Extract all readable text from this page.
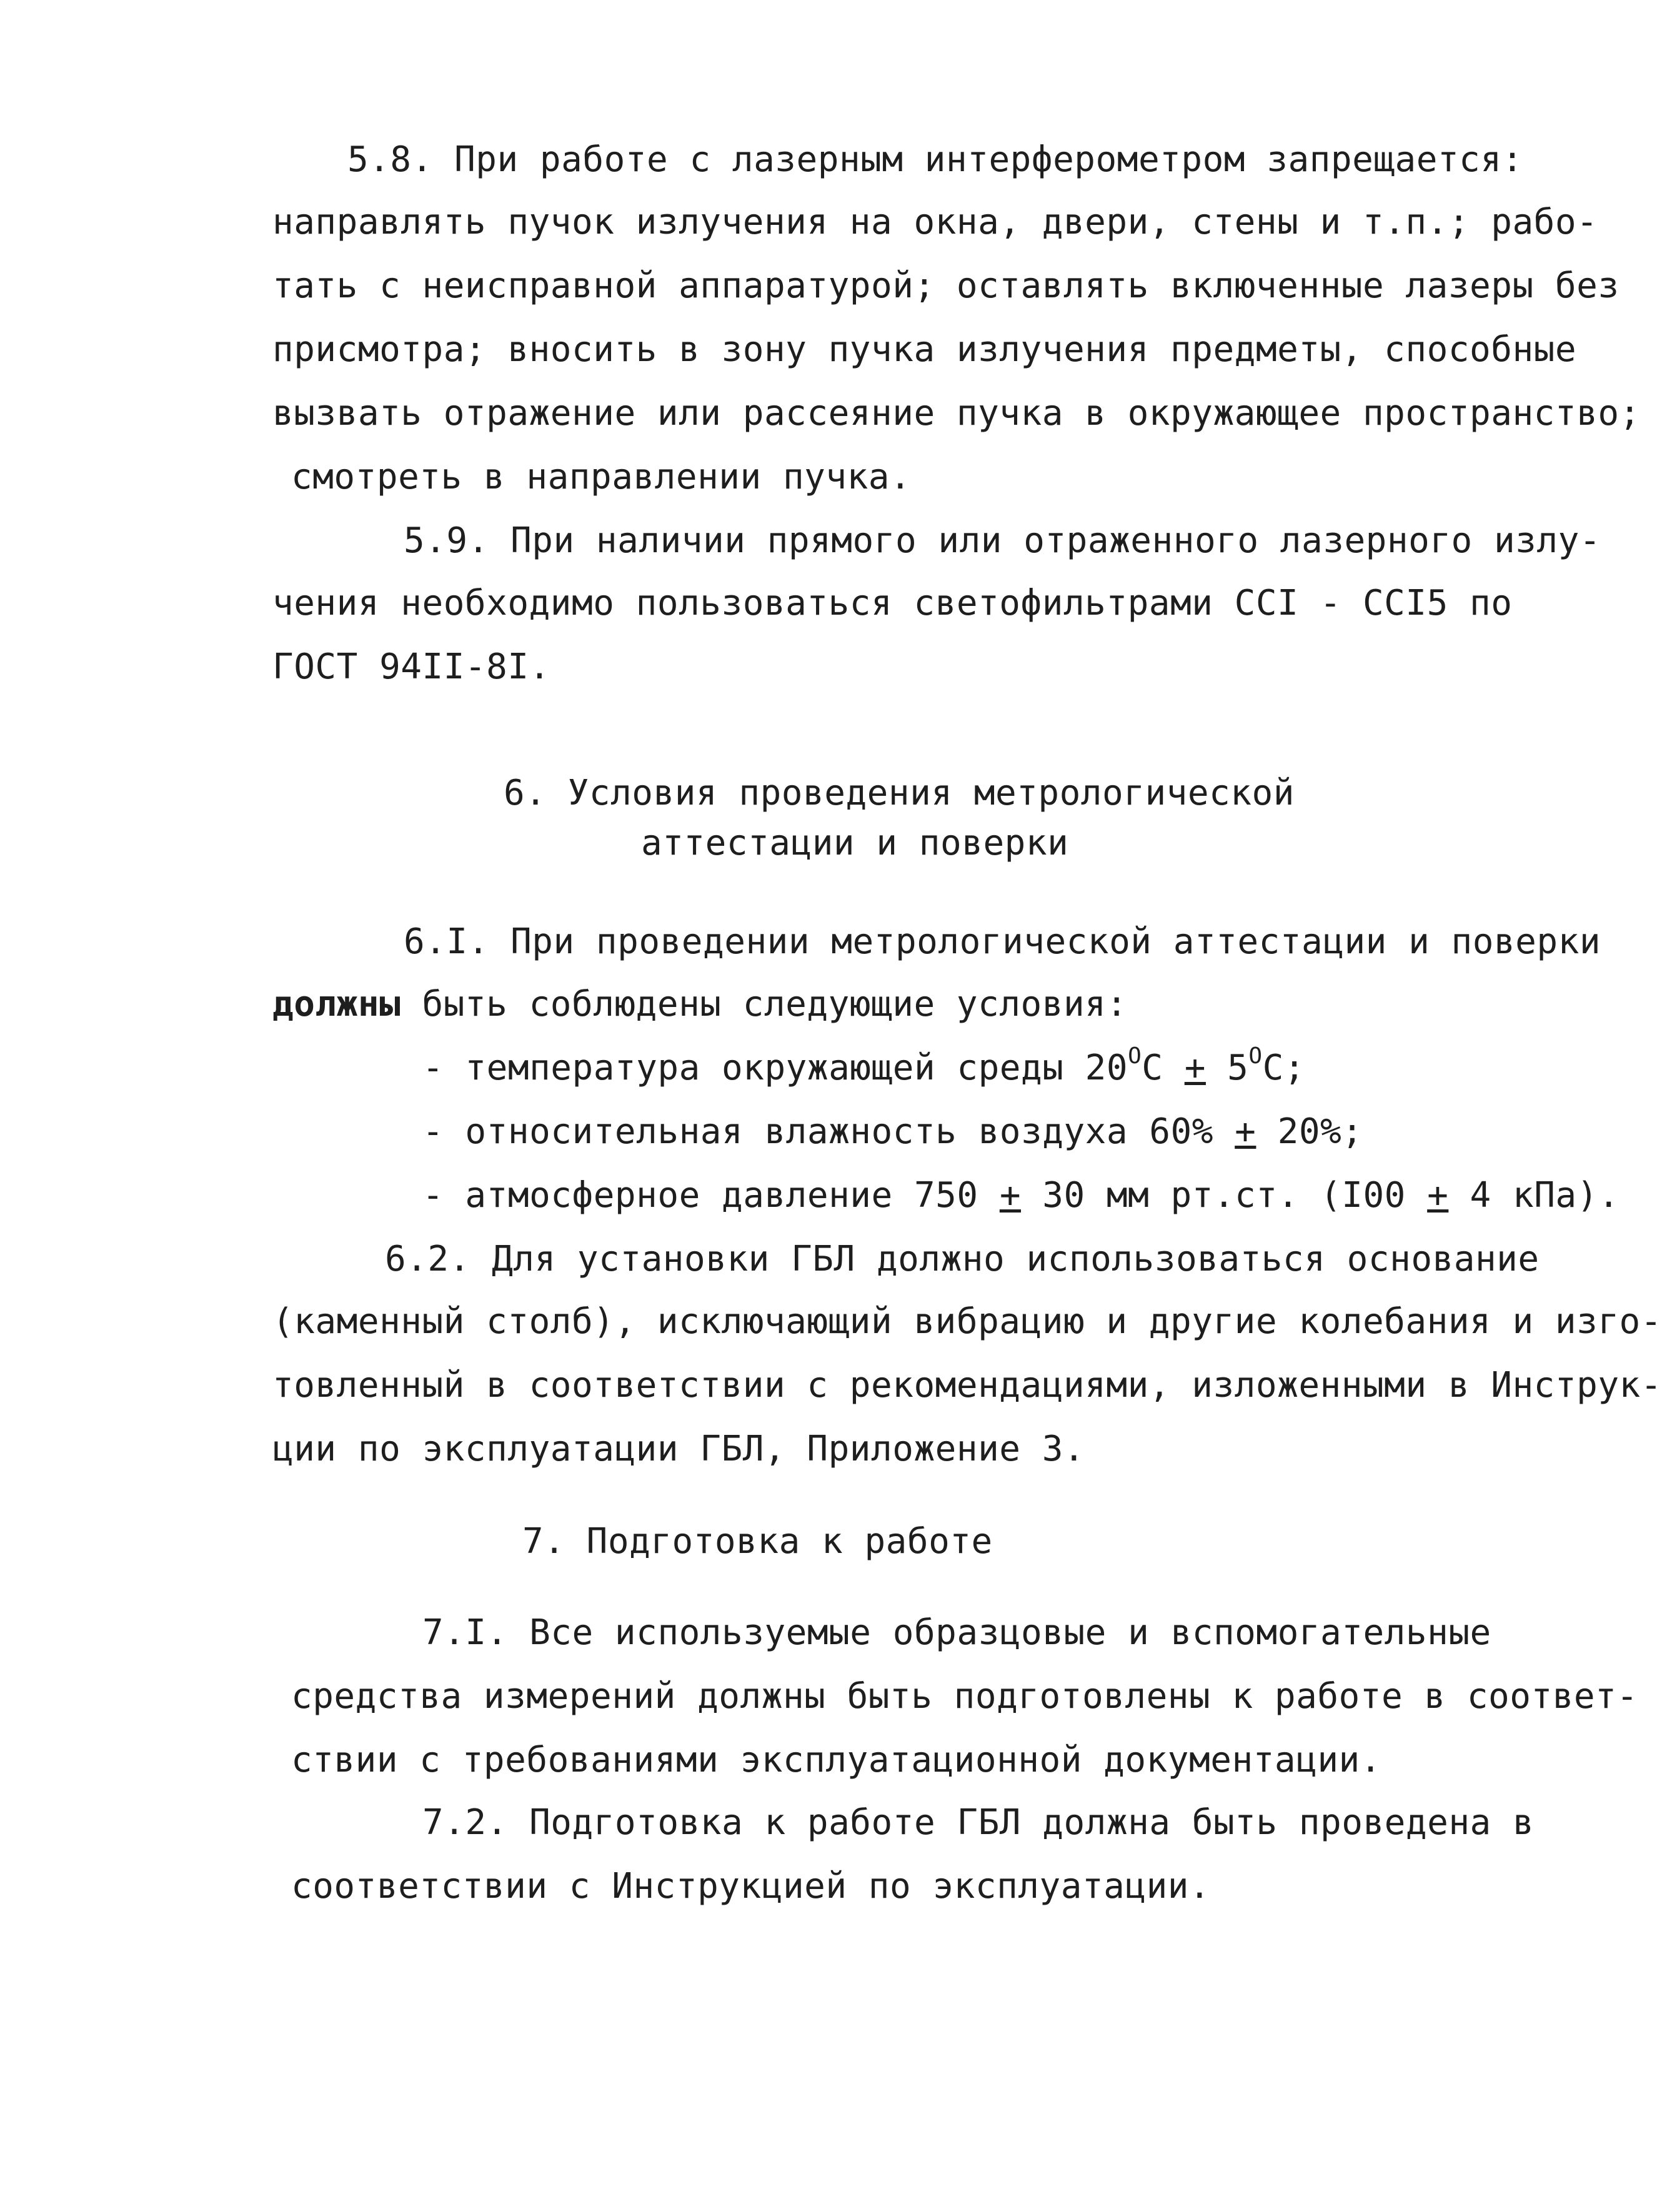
5.8. При работе с лазерным интерферометром запрещается:
направлять пучок излучения на окна, двери, стены и т.п.; рабо-
тать с неисправной аппаратурой; оставлять включенные лазеры без
присмотра; вносить в зону пучка излучения предметы, способные
вызвать отражение или рассеяние пучка в окружающее пространство;
смотреть в направлении пучка.
5.9. При наличии прямого или отраженного лазерного излу-
чения необходимо пользоваться светофильтрами ССI - ССI5 по
ГОСТ 94II-8I.
6. Условия проведения метрологической
аттестации и поверки
6.I. При проведении метрологической аттестации и поверки
должны быть соблюдены следующие условия:
- температура окружающей среды $20^ОС + 5^ОС$;
- относительная влажность воздуха 60% + 20%;
- атмосферное давление 750 + 30 мм рт.ст. (I00 + 4 кПа).
6.2. Для установки ГБЛ должно использоваться основание
(каменный столб), исключающий вибрацию и другие колебания и изго-
товленный в соответствии с рекомендациями, изложенными в Инструк-
ции по эксплуатации ГБЛ, Приложение 3.
7. Подготовка к работе
7.I. Все используемые образцовые и вспомогательные
средства измерений должны быть подготовлены к работе в соответ-
ствии с требованиями эксплуатационной документации.
7.2. Подготовка к работе ГБЛ должна быть проведена в
соответствии с Инструкцией по эксплуатации.
